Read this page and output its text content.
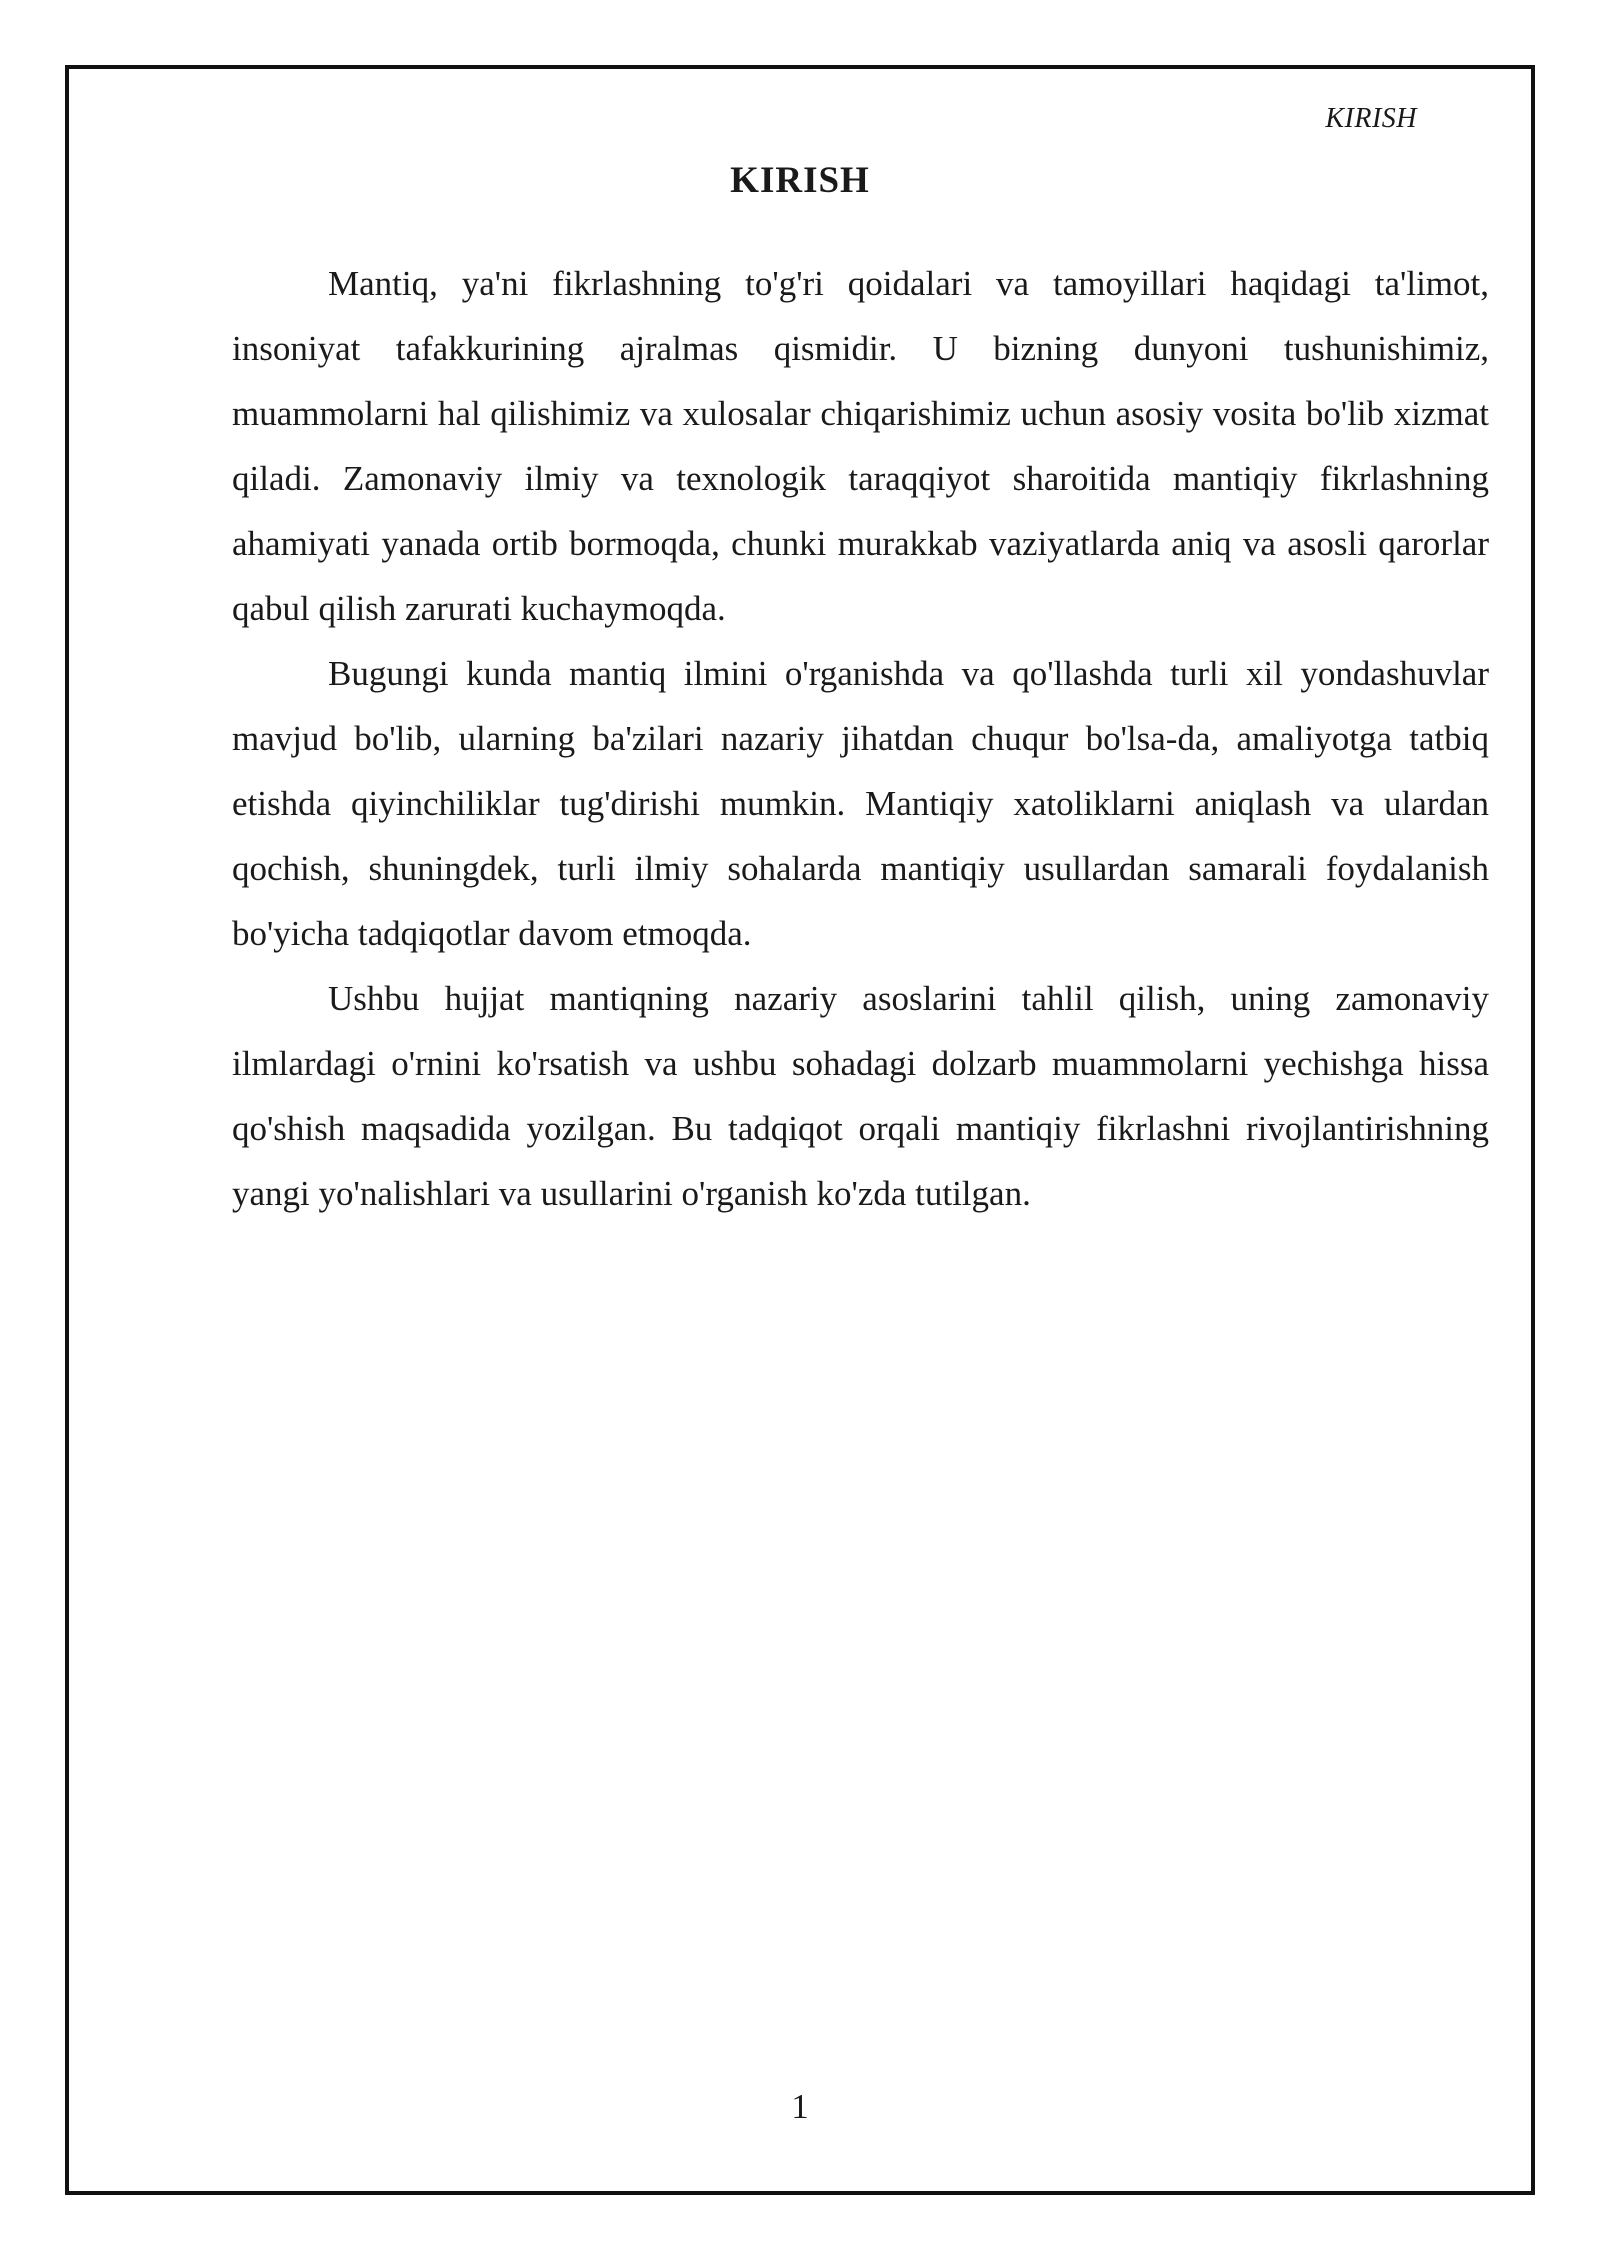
KIRISH
KIRISH

Mantiq, ya'ni fikrlashning to'g'ri qoidalari va tamoyillari haqidagi ta'limot, insoniyat tafakkurining ajralmas qismidir. U bizning dunyoni tushunishimiz, muammolarni hal qilishimiz va xulosalar chiqarishimiz uchun asosiy vosita bo'lib xizmat qiladi. Zamonaviy ilmiy va texnologik taraqqiyot sharoitida mantiqiy fikrlashning ahamiyati yanada ortib bormoqda, chunki murakkab vaziyatlarda aniq va asosli qarorlar qabul qilish zarurati kuchaymoqda.

Bugungi kunda mantiq ilmini o'rganishda va qo'llashda turli xil yondashuvlar mavjud bo'lib, ularning ba'zilari nazariy jihatdan chuqur bo'lsa-da, amaliyotga tatbiq etishda qiyinchiliklar tug'dirishi mumkin. Mantiqiy xatoliklarni aniqlash va ulardan qochish, shuningdek, turli ilmiy sohalarda mantiqiy usullardan samarali foydalanish bo'yicha tadqiqotlar davom etmoqda.

Ushbu hujjat mantiqning nazariy asoslarini tahlil qilish, uning zamonaviy ilmlardagi o'rnini ko'rsatish va ushbu sohadagi dolzarb muammolarni yechishga hissa qo'shish maqsadida yozilgan. Bu tadqiqot orqali mantiqiy fikrlashni rivojlantirishning yangi yo'nalishlari va usullarini o'rganish ko'zda tutilgan.

1
